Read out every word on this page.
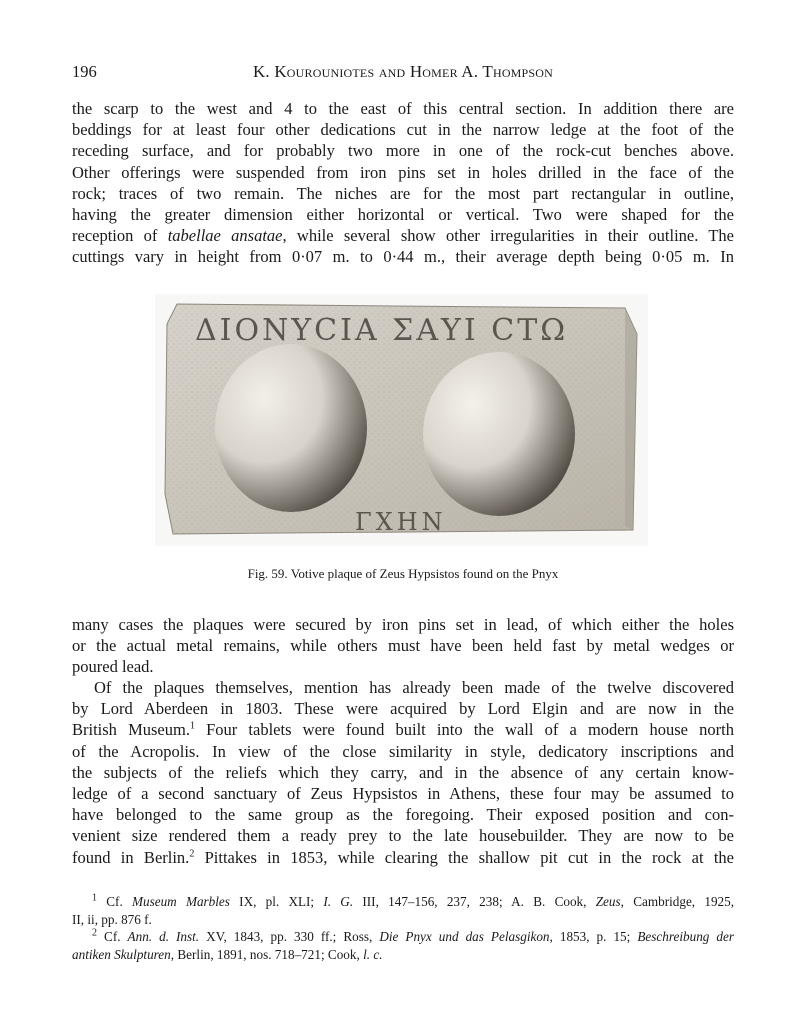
196	K. Kourouniotes and Homer A. Thompson
the scarp to the west and 4 to the east of this central section. In addition there are
beddings for at least four other dedications cut in the narrow ledge at the foot of the
receding surface, and for probably two more in one of the rock-cut benches above.
Other offerings were suspended from iron pins set in holes drilled in the face of the
rock; traces of two remain. The niches are for the most part rectangular in outline,
having the greater dimension either horizontal or vertical. Two were shaped for the
reception of tabellae ansatae, while several show other irregularities in their outline. The
cuttings vary in height from 0·07 m. to 0·44 m., their average depth being 0·05 m. In
ΔΙΟΝΥCΙΑ ΣΑΥΙ CΤΩ
ΓΧΗΝ
Fig. 59. Votive plaque of Zeus Hypsistos found on the Pnyx
many cases the plaques were secured by iron pins set in lead, of which either the holes
or the actual metal remains, while others must have been held fast by metal wedges or
poured lead.
Of the plaques themselves, mention has already been made of the twelve discovered
by Lord Aberdeen in 1803. These were acquired by Lord Elgin and are now in the
British Museum.$^1$ Four tablets were found built into the wall of a modern house north
of the Acropolis. In view of the close similarity in style, dedicatory inscriptions and
the subjects of the reliefs which they carry, and in the absence of any certain know-
ledge of a second sanctuary of Zeus Hypsistos in Athens, these four may be assumed to
have belonged to the same group as the foregoing. Their exposed position and con-
venient size rendered them a ready prey to the late housebuilder. They are now to be
found in Berlin.$^2$ Pittakes in 1853, while clearing the shallow pit cut in the rock at the
$^1$ Cf. Museum Marbles IX, pl. XLI; I. G. III, 147–156, 237, 238; A. B. Cook, Zeus, Cambridge, 1925,
II, ii, pp. 876 f.
$^2$ Cf. Ann. d. Inst. XV, 1843, pp. 330 ff.; Ross, Die Pnyx und das Pelasgikon, 1853, p. 15; Beschreibung der
antiken Skulpturen, Berlin, 1891, nos. 718–721; Cook, l. c.
